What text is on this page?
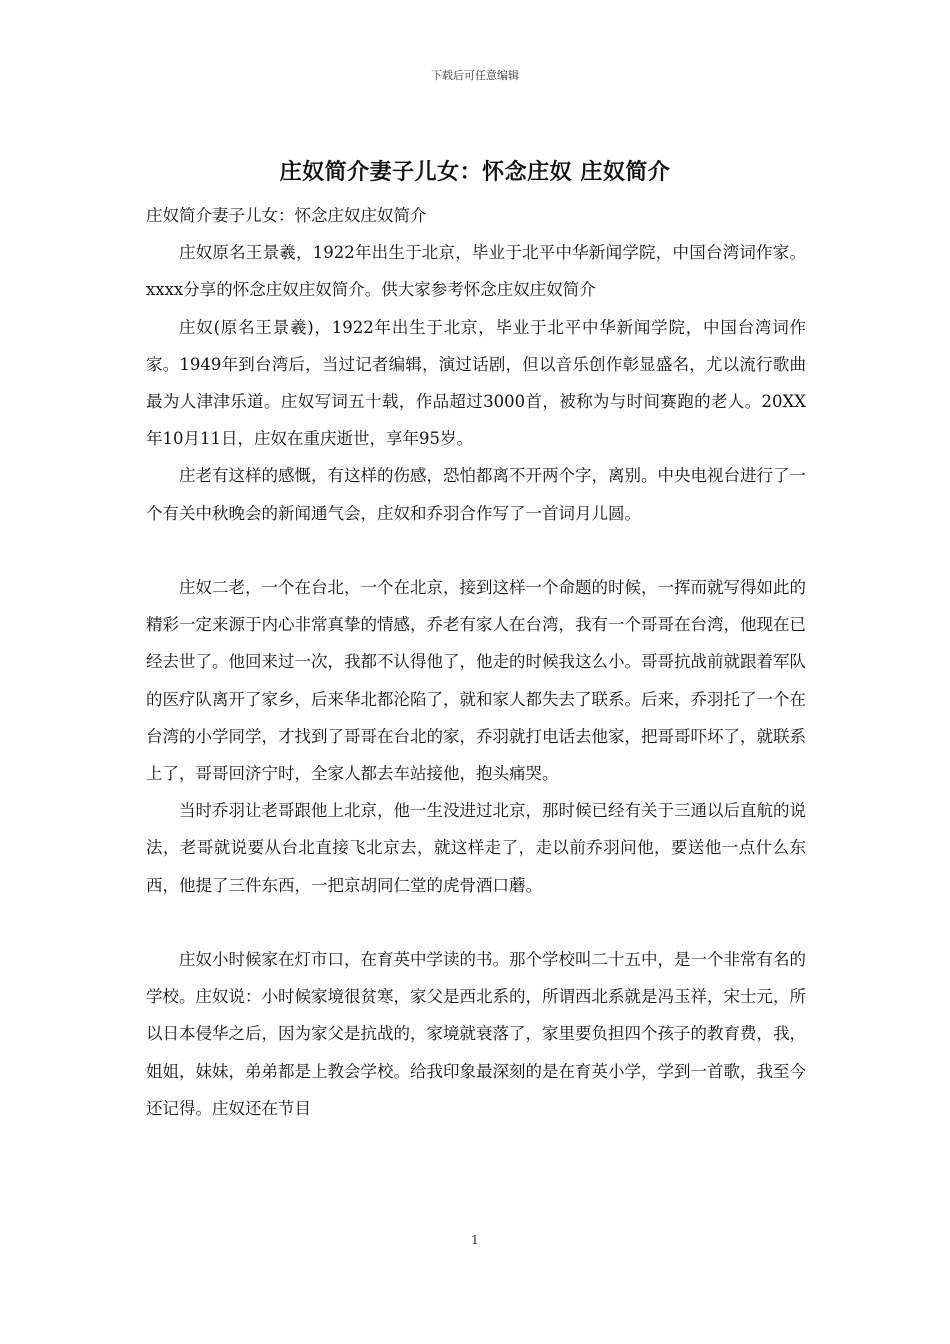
下载后可任意编辑
庄奴简介妻子儿女：怀念庄奴 庄奴简介

庄奴简介妻子儿女：怀念庄奴庄奴简介

庄奴原名王景羲，1922年出生于北京，毕业于北平中华新闻学院，中国台湾词作家。xxxx分享的怀念庄奴庄奴简介。供大家参考怀念庄奴庄奴简介

庄奴(原名王景羲)，1922年出生于北京，毕业于北平中华新闻学院，中国台湾词作家。1949年到台湾后，当过记者编辑，演过话剧，但以音乐创作彰显盛名，尤以流行歌曲最为人津津乐道。庄奴写词五十载，作品超过3000首，被称为与时间赛跑的老人。20XX年10月11日，庄奴在重庆逝世，享年95岁。

庄老有这样的感慨，有这样的伤感，恐怕都离不开两个字，离别。中央电视台进行了一个有关中秋晚会的新闻通气会，庄奴和乔羽合作写了一首词月儿圆。

庄奴二老，一个在台北，一个在北京，接到这样一个命题的时候，一挥而就写得如此的精彩一定来源于内心非常真挚的情感，乔老有家人在台湾，我有一个哥哥在台湾，他现在已经去世了。他回来过一次，我都不认得他了，他走的时候我这么小。哥哥抗战前就跟着军队的医疗队离开了家乡，后来华北都沦陷了，就和家人都失去了联系。后来，乔羽托了一个在台湾的小学同学，才找到了哥哥在台北的家，乔羽就打电话去他家，把哥哥吓坏了，就联系上了，哥哥回济宁时，全家人都去车站接他，抱头痛哭。

当时乔羽让老哥跟他上北京，他一生没进过北京，那时候已经有关于三通以后直航的说法，老哥就说要从台北直接飞北京去，就这样走了，走以前乔羽问他，要送他一点什么东西，他提了三件东西，一把京胡同仁堂的虎骨酒口蘑。

庄奴小时候家在灯市口，在育英中学读的书。那个学校叫二十五中，是一个非常有名的学校。庄奴说：小时候家境很贫寒，家父是西北系的，所谓西北系就是冯玉祥，宋士元，所以日本侵华之后，因为家父是抗战的，家境就衰落了，家里要负担四个孩子的教育费，我，姐姐，妹妹，弟弟都是上教会学校。给我印象最深刻的是在育英小学，学到一首歌，我至今还记得。庄奴还在节目

1
